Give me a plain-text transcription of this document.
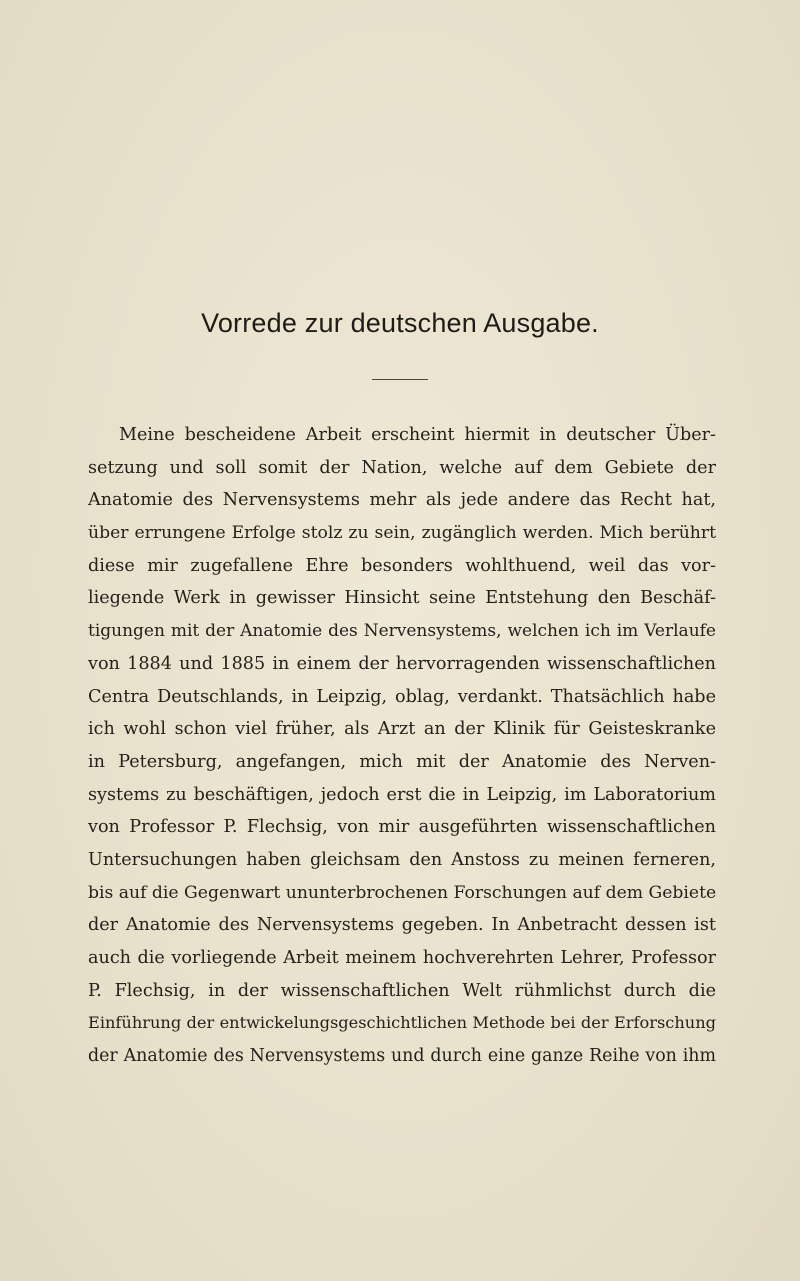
Vorrede zur deutschen Ausgabe.
Meine bescheidene Arbeit erscheint hiermit in deutscher Über-
setzung und soll somit der Nation, welche auf dem Gebiete der
Anatomie des Nervensystems mehr als jede andere das Recht hat,
über errungene Erfolge stolz zu sein, zugänglich werden. Mich berührt
diese mir zugefallene Ehre besonders wohlthuend, weil das vor-
liegende Werk in gewisser Hinsicht seine Entstehung den Beschäf-
tigungen mit der Anatomie des Nervensystems, welchen ich im Verlaufe
von 1884 und 1885 in einem der hervorragenden wissenschaftlichen
Centra Deutschlands, in Leipzig, oblag, verdankt. Thatsächlich habe
ich wohl schon viel früher, als Arzt an der Klinik für Geisteskranke
in Petersburg, angefangen, mich mit der Anatomie des Nerven-
systems zu beschäftigen, jedoch erst die in Leipzig, im Laboratorium
von Professor P. Flechsig, von mir ausgeführten wissenschaftlichen
Untersuchungen haben gleichsam den Anstoss zu meinen ferneren,
bis auf die Gegenwart ununterbrochenen Forschungen auf dem Gebiete
der Anatomie des Nervensystems gegeben. In Anbetracht dessen ist
auch die vorliegende Arbeit meinem hochverehrten Lehrer, Professor
P. Flechsig, in der wissenschaftlichen Welt rühmlichst durch die
Einführung der entwickelungsgeschichtlichen Methode bei der Erforschung
der Anatomie des Nervensystems und durch eine ganze Reihe von ihm
